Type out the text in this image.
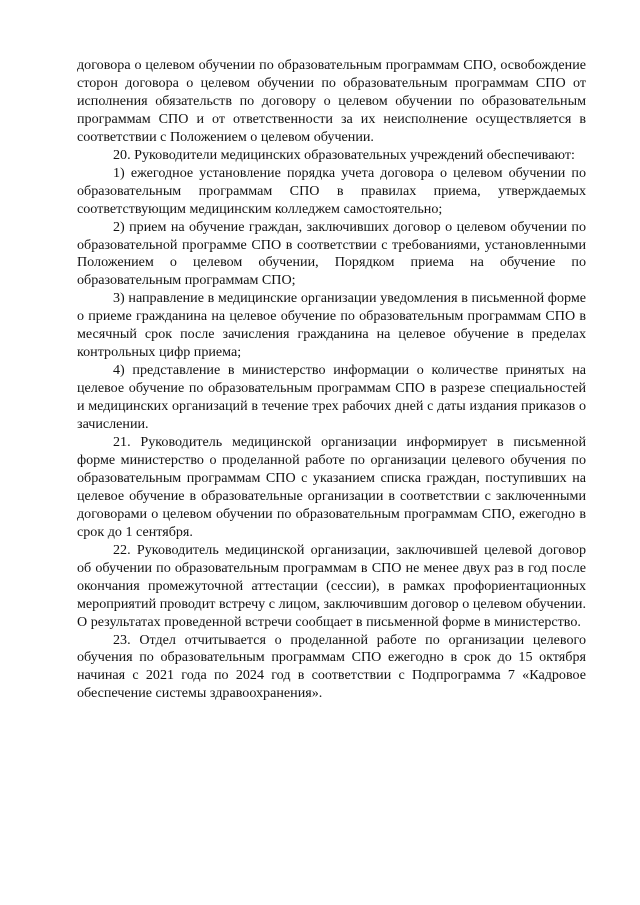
договора о целевом обучении по образовательным программам СПО, освобождение сторон договора о целевом обучении по образовательным программам СПО от исполнения обязательств по договору о целевом обучении по образовательным программам СПО и от ответственности за их неисполнение осуществляется в соответствии с Положением о целевом обучении.

20. Руководители медицинских образовательных учреждений обеспечивают:

1) ежегодное установление порядка учета договора о целевом обучении по образовательным программам СПО в правилах приема, утверждаемых соответствующим медицинским колледжем самостоятельно;

2) прием на обучение граждан, заключивших договор о целевом обучении по образовательной программе СПО в соответствии с требованиями, установленными Положением о целевом обучении, Порядком приема на обучение по образовательным программам СПО;

3) направление в медицинские организации уведомления в письменной форме о приеме гражданина на целевое обучение по образовательным программам СПО в месячный срок после зачисления гражданина на целевое обучение в пределах контрольных цифр приема;

4) представление в министерство информации о количестве принятых на целевое обучение по образовательным программам СПО в разрезе специальностей и медицинских организаций в течение трех рабочих дней с даты издания приказов о зачислении.

21. Руководитель медицинской организации информирует в письменной форме министерство о проделанной работе по организации целевого обучения по образовательным программам СПО с указанием списка граждан, поступивших на целевое обучение в образовательные организации в соответствии с заключенными договорами о целевом обучении по образовательным программам СПО, ежегодно в срок до 1 сентября.

22. Руководитель медицинской организации, заключившей целевой договор об обучении по образовательным программам в СПО не менее двух раз в год после окончания промежуточной аттестации (сессии), в рамках профориентационных мероприятий проводит встречу с лицом, заключившим договор о целевом обучении. О результатах проведенной встречи сообщает в письменной форме в министерство.

23. Отдел отчитывается о проделанной работе по организации целевого обучения по образовательным программам СПО ежегодно в срок до 15 октября начиная с 2021 года по 2024 год в соответствии с Подпрограмма 7 «Кадровое обеспечение системы здравоохранения».
